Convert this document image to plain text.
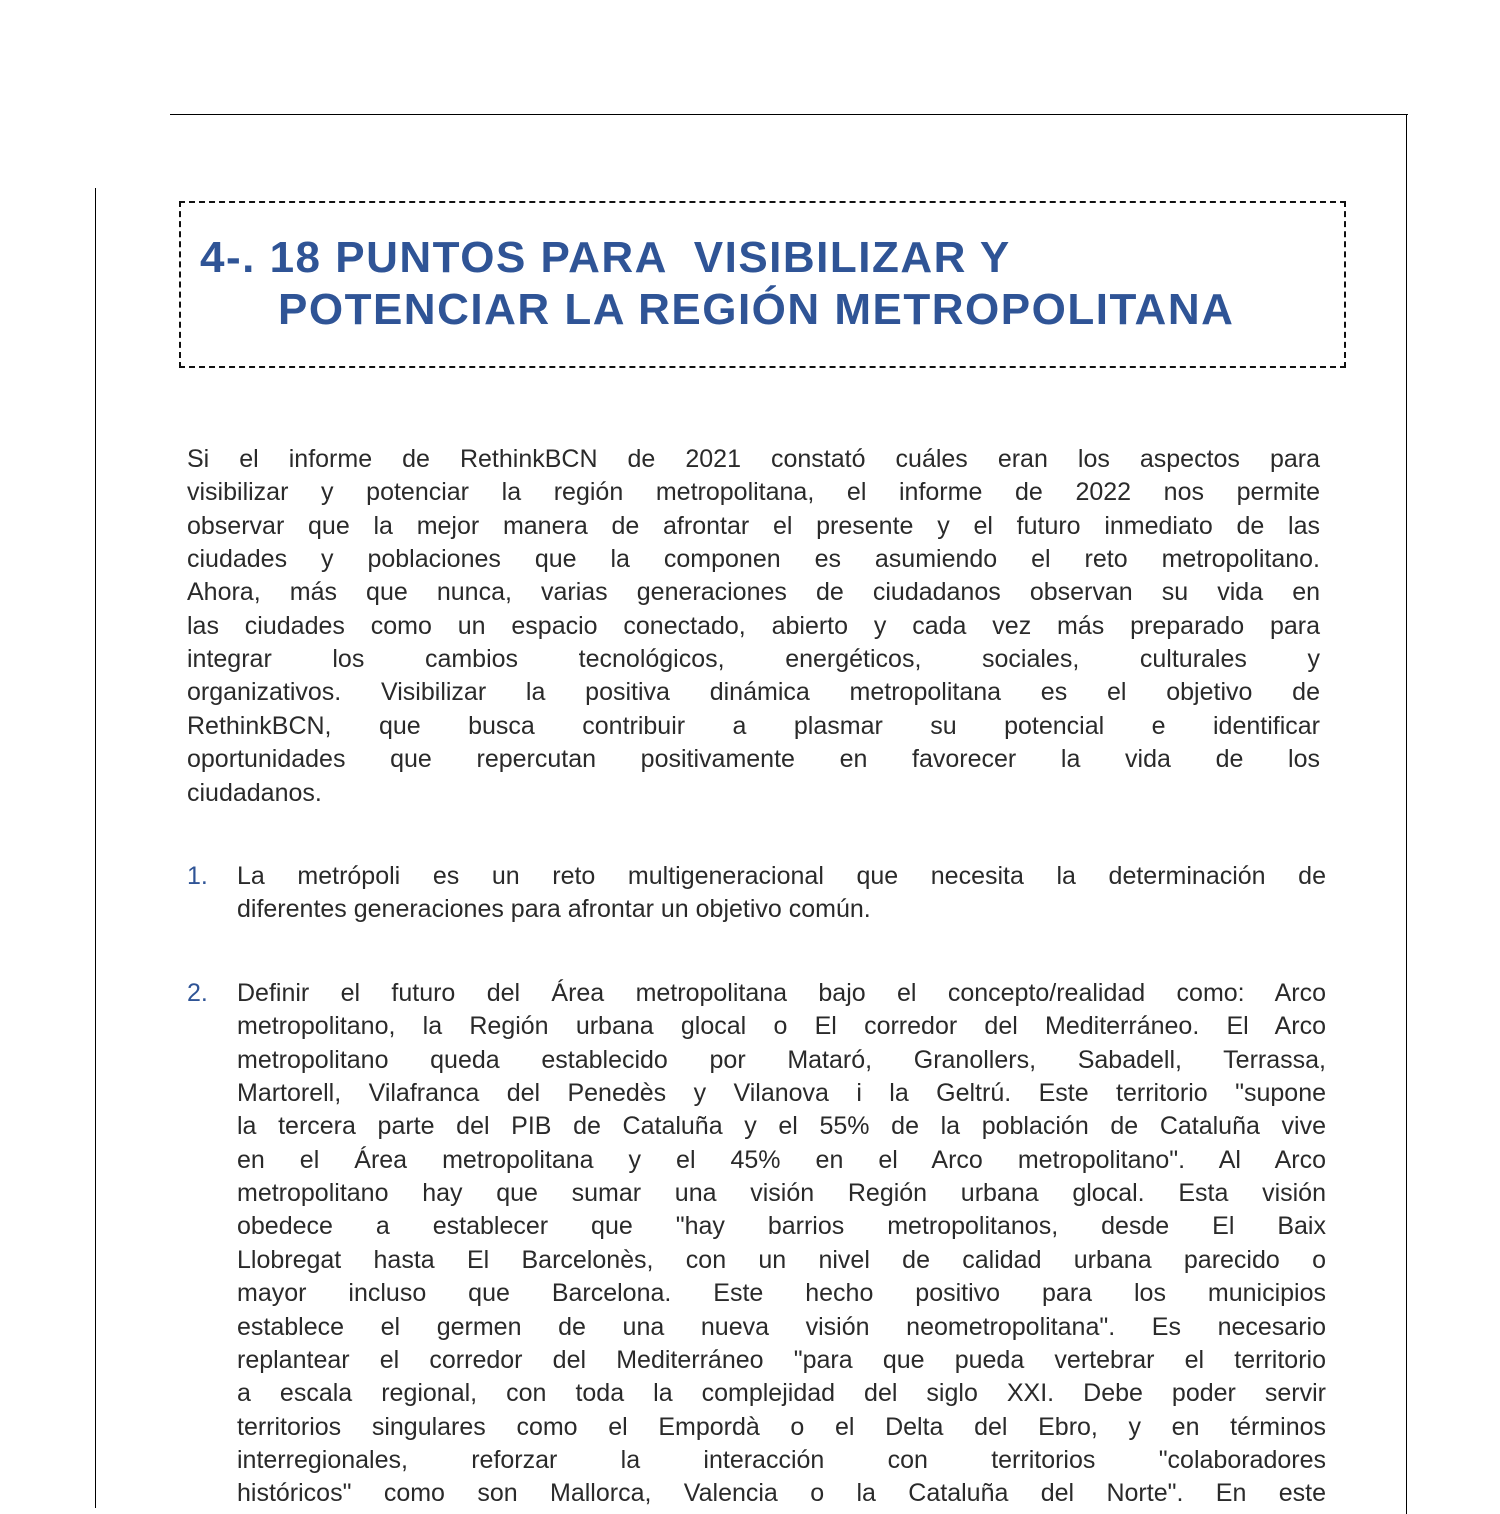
4-. 18 PUNTOS PARA  VISIBILIZAR Y
POTENCIAR LA REGIÓN METROPOLITANA
Si el informe de RethinkBCN de 2021 constató cuáles eran los aspectos para
visibilizar y potenciar la región metropolitana, el informe de 2022 nos permite
observar que la mejor manera de afrontar el presente y el futuro inmediato de las
ciudades y poblaciones que la componen es asumiendo el reto metropolitano.
Ahora, más que nunca, varias generaciones de ciudadanos observan su vida en
las ciudades como un espacio conectado, abierto y cada vez más preparado para
integrar los cambios tecnológicos, energéticos, sociales, culturales y
organizativos. Visibilizar la positiva dinámica metropolitana es el objetivo de
RethinkBCN, que busca contribuir a plasmar su potencial e identificar
oportunidades que repercutan positivamente en favorecer la vida de los
ciudadanos.
1. La metrópoli es un reto multigeneracional que necesita la determinación de
diferentes generaciones para afrontar un objetivo común.
2. Definir el futuro del Área metropolitana bajo el concepto/realidad como: Arco
metropolitano, la Región urbana glocal o El corredor del Mediterráneo. El Arco
metropolitano queda establecido por Mataró, Granollers, Sabadell, Terrassa,
Martorell, Vilafranca del Penedès y Vilanova i la Geltrú. Este territorio "supone
la tercera parte del PIB de Cataluña y el 55% de la población de Cataluña vive
en el Área metropolitana y el 45% en el Arco metropolitano". Al Arco
metropolitano hay que sumar una visión Región urbana glocal. Esta visión
obedece a establecer que "hay barrios metropolitanos, desde El Baix
Llobregat hasta El Barcelonès, con un nivel de calidad urbana parecido o
mayor incluso que Barcelona. Este hecho positivo para los municipios
establece el germen de una nueva visión neometropolitana". Es necesario
replantear el corredor del Mediterráneo "para que pueda vertebrar el territorio
a escala regional, con toda la complejidad del siglo XXI. Debe poder servir
territorios singulares como el Empordà o el Delta del Ebro, y en términos
interregionales, reforzar la interacción con territorios "colaboradores
históricos" como son Mallorca, Valencia o la Cataluña del Norte". En este
